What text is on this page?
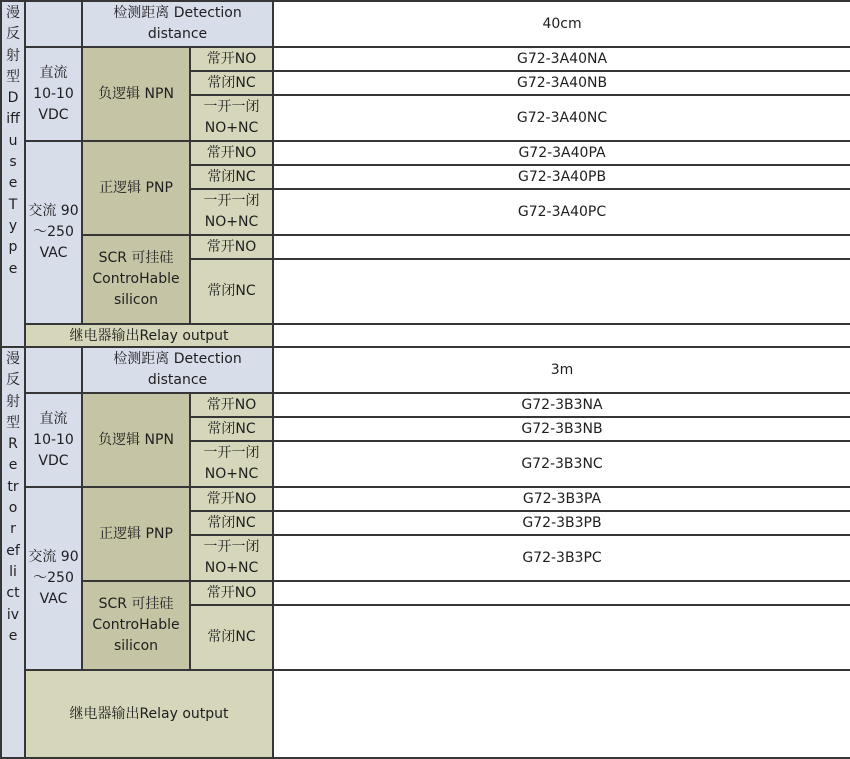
漫反射型
Diffuse Type		检测距离 Detection distance		40cm
	直流 10-10 VDC	负逻辑 NPN	常开NO	G72-3A40NA
			常闭NC	G72-3A40NB
			一开一闭 NO+NC	G72-3A40NC
	交流 90～250 VAC	正逻辑 PNP	常开NO	G72-3A40PA
			常闭NC	G72-3A40PB
			一开一闭 NO+NC	G72-3A40PC
		SCR 可挂硅 ControHable silicon	常开NO	
			常闭NC	
	继电器输出Relay output			
漫反射型
Retroreflictive		检测距离 Detection distance		3m
	直流 10-10 VDC	负逻辑 NPN	常开NO	G72-3B3NA
			常闭NC	G72-3B3NB
			一开一闭 NO+NC	G72-3B3NC
	交流 90～250 VAC	正逻辑 PNP	常开NO	G72-3B3PA
			常闭NC	G72-3B3PB
			一开一闭 NO+NC	G72-3B3PC
		SCR 可挂硅 ControHable silicon	常开NO	
			常闭NC	
	继电器输出Relay output			
